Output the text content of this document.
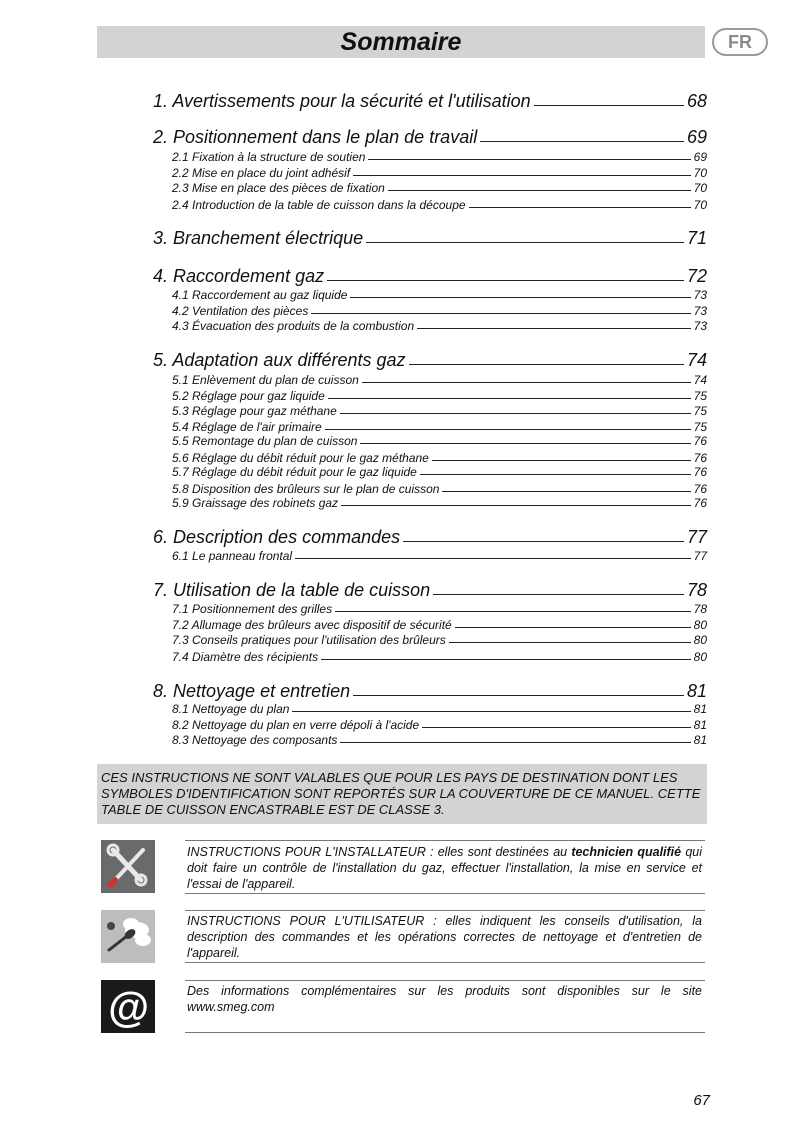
Sommaire	FR
1. Avertissements pour la sécurité et l'utilisation	68
2. Positionnement dans le plan de travail	69
2.1 Fixation à la structure de soutien	69
2.2 Mise en place du joint adhésif	70
2.3 Mise en place des pièces de fixation	70
2.4 Introduction de la table de cuisson dans la découpe	70
3. Branchement électrique	71
4. Raccordement gaz	72
4.1 Raccordement au gaz liquide	73
4.2 Ventilation des pièces	73
4.3 Évacuation des produits de la combustion	73
5. Adaptation aux différents gaz	74
5.1 Enlèvement du plan de cuisson	74
5.2 Réglage pour gaz liquide	75
5.3 Réglage pour gaz méthane	75
5.4 Réglage de l'air primaire	75
5.5 Remontage du plan de cuisson	76
5.6 Réglage du débit réduit pour le gaz méthane	76
5.7 Réglage du débit réduit pour le gaz liquide	76
5.8 Disposition des brûleurs sur le plan de cuisson	76
5.9 Graissage des robinets gaz	76
6. Description des commandes	77
6.1 Le panneau frontal	77
7. Utilisation de la table de cuisson	78
7.1 Positionnement des grilles	78
7.2 Allumage des brûleurs avec dispositif de sécurité	80
7.3 Conseils pratiques pour l'utilisation des brûleurs	80
7.4 Diamètre des récipients	80
8. Nettoyage et entretien	81
8.1 Nettoyage du plan	81
8.2 Nettoyage du plan en verre dépoli à l'acide	81
8.3 Nettoyage des composants	81
CES INSTRUCTIONS NE SONT VALABLES QUE POUR LES PAYS DE DESTINATION DONT LES SYMBOLES D'IDENTIFICATION SONT REPORTÉS SUR LA COUVERTURE DE CE MANUEL. CETTE TABLE DE CUISSON ENCASTRABLE EST DE CLASSE 3.
INSTRUCTIONS POUR L'INSTALLATEUR : elles sont destinées au technicien qualifié qui doit faire un contrôle de l'installation du gaz, effectuer l'installation, la mise en service et l'essai de l'appareil.
INSTRUCTIONS POUR L'UTILISATEUR : elles indiquent les conseils d'utilisation, la description des commandes et les opérations correctes de nettoyage et d'entretien de l'appareil.
@	Des informations complémentaires sur les produits sont disponibles sur le site www.smeg.com
67
